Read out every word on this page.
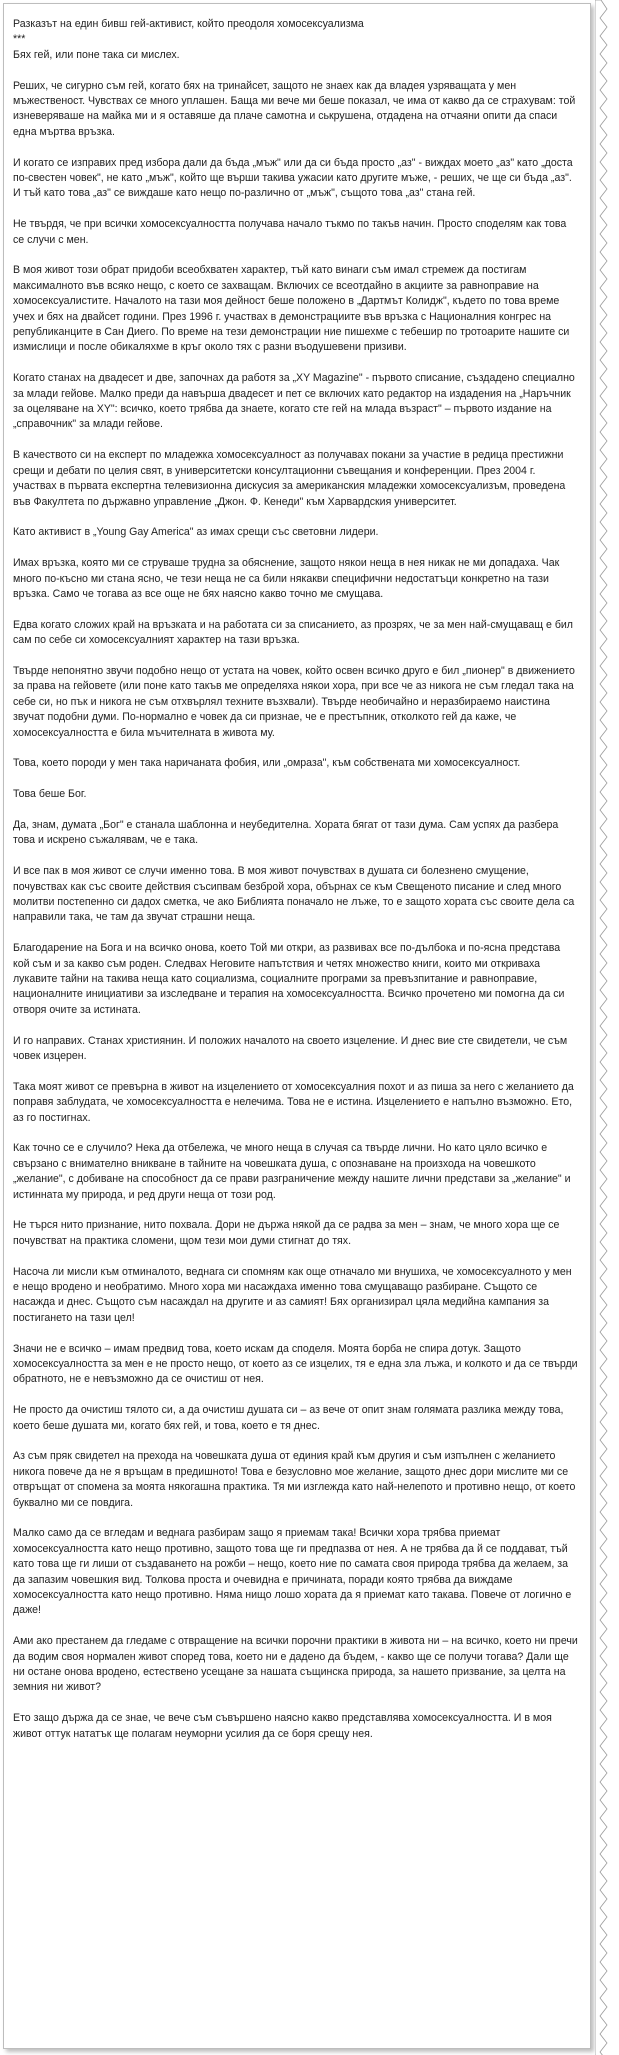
Разказът на един бивш гей-активист, който преодоля хомосексуализма

***

Бях гей, или поне така си мислех.

Реших, че сигурно съм гей, когато бях на тринайсет, защото не знаех как да владея узряващата у мен мъжественост. Чувствах се много уплашен. Баща ми вече ми беше показал, че има от какво да се страхувам: той изневеряваше на майка ми и я оставяше да плаче самотна и ськрушена, отдадена на отчаяни опити да спаси една мъртва връзка.

И когато се изправих пред избора дали да бъда „мъж" или да си бъда просто „аз" - виждах моето „аз" като „доста по-свестен човек", не като „мъж", който ще върши такива ужасии като другите мъже, - реших, че ще си бъда „аз". И тъй като това „аз" се виждаше като нещо по-различно от „мъж", същото това „аз" стана гей.

Не твърдя, че при всички хомосексуалността получава начало тъкмо по такъв начин. Просто споделям как това се случи с мен.

В моя живот този обрат придоби всеобхватен характер, тъй като винаги съм имал стремеж да постигам максималното във всяко нещо, с което се захващам. Включих се всеотдайно в акциите за равноправие на хомосексуалистите. Началото на тази моя дейност беше положено в „Дартмът Колидж", където по това време учех и бях на двайсет години. През 1996 г. участвах в демонстрациите във връзка с Националния конгрес на републиканците в Сан Диего. По време на тези демонстрации ние пишехме с тебешир по тротоарите нашите си измислици и после обикаляхме в кръг около тях с разни въодушевени призиви.

Когато станах на двадесет и две, започнах да работя за „XY Magazine" - първото списание, създадено специално за млади гейове. Малко преди да навърша двадесет и пет се включих като редактор на издадения на „Наръчник за оцеляване на XY": всичко, което трябва да знаете, когато сте гей на млада възраст" – първото издание на „справочник" за млади гейове.

В качеството си на експерт по младежка хомосексуалност аз получавах покани за участие в редица престижни срещи и дебати по целия свят, в университетски консултационни съвещания и конференции. През 2004 г. участвах в първата експертна телевизионна дискусия за американския младежки хомосексуализъм, проведена във Факултета по държавно управление „Джон. Ф. Кенеди" към Харвардския университет.

Като активист в „Young Gay America" аз имах срещи със световни лидери.

Имах връзка, която ми се струваше трудна за обяснение, защото някои неща в нея никак не ми допадаха. Чак много по-късно ми стана ясно, че тези неща не са били някакви специфични недостатъци конкретно на тази връзка. Само че тогава аз все още не бях наясно какво точно ме смущава.

Едва когато сложих край на връзката и на работата си за списанието, аз прозрях, че за мен най-смущаващ е бил сам по себе си хомосексуалният характер на тази връзка.

Твърде непонятно звучи подобно нещо от устата на човек, който освен всичко друго е бил „пионер" в движението за права на гейовете (или поне като такъв ме определяха някои хора, при все че аз никога не съм гледал така на себе си, но пък и никога не съм отхвърлял техните възхвали). Твърде необичайно и неразбираемо наистина звучат подобни думи. По-нормално е човек да си признае, че е престъпник, отколкото гей да каже, че хомосексуалността е била мъчителната в живота му.

Това, което породи у мен така наричаната фобия, или „омраза", към собствената ми хомосексуалност.

Това беше Бог.

Да, знам, думата „Бог" е станала шаблонна и неубедителна. Хората бягат от тази дума. Сам успях да разбера това и искрено съжалявам, че е така.

И все пак в моя живот се случи именно това. В моя живот почувствах в душата си болезнено смущение, почувствах как със своите действия съсипвам безброй хора, обърнах се към Свещеното писание и след много молитви постепенно си дадох сметка, че ако Библията поначало не лъже, то е защото хората със своите дела са направили така, че там да звучат страшни неща.

Благодарение на Бога и на всичко онова, което Той ми откри, аз развивах все по-дълбока и по-ясна представа кой съм и за какво съм роден. Следвах Неговите напътствия и четях множество книги, които ми откриваха лукавите тайни на такива неща като социализма, социалните програми за превъзпитание и равноправие, националните инициативи за изследване и терапия на хомосексуалността. Всичко прочетено ми помогна да си отворя очите за истината.

И го направих. Станах християнин. И положих началото на своето изцеление. И днес вие сте свидетели, че съм човек изцерен.

Така моят живот се превърна в живот на изцелението от хомосексуалния похот и аз пиша за него с желанието да поправя заблудата, че хомосексуалността е нелечима. Това не е истина. Изцелението е напълно възможно. Ето, аз го постигнах.

Как точно се е случило? Нека да отбележа, че много неща в случая са твърде лични. Но като цяло всичко е свързано с внимателно вникване в тайните на човешката душа, с опознаване на произхода на човешкото „желание", с добиване на способност да се прави разграничение между нашите лични представи за „желание" и истинната му природа, и ред други неща от този род.

Не търся нито признание, нито похвала. Дори не държа някой да се радва за мен – знам, че много хора ще се почувстват на практика сломени, щом тези мои думи стигнат до тях.

Насочa ли мисли към отминалото, веднага си спомням как още отначало ми внушиха, че хомосексуалното у мен е нещо вродено и необратимо. Много хора ми насаждаха именно това смущаващо разбиране. Същото се насажда и днес. Същото съм насаждал на другите и аз самият! Бях организирал цяла медийна кампания за постигането на тази цел!

Значи не е всичко – имам предвид това, което искам да споделя. Моята борба не спира дотук. Защото хомосексуалността за мен е не просто нещо, от което аз се изцелих, тя е една зла лъжа, и колкото и да се твърди обратното, не е невъзможно да се очистиш от нея.

Не просто да очистиш тялото си, а да очистиш душата си – аз вече от опит знам голямата разлика между това, което беше душата ми, когато бях гей, и това, което е тя днес.

Аз съм пряк свидетел на прехода на човешката душа от единия край към другия и съм изпълнен с желанието никога повече да не я връщам в предишното! Това е безусловно мое желание, защото днес дори мислите ми се отвръщат от спомена за моята някогашна практика. Тя ми изглежда като най-нелепото и противно нещо, от което буквално ми се повдига.

Малко само да се вгледам и веднага разбирам защо я приемам така! Всички хора трябва приемат хомосексуалността като нещо противно, защото това ще ги предпазва от нея. А не трябва да й се поддават, тъй като това ще ги лиши от създаването на рожби – нещо, което ние по самата своя природа трябва да желаем, за да запазим човешкия вид. Толкова проста и очевидна е причината, поради която трябва да виждаме хомосексуалността като нещо противно. Няма нищо лошо хората да я приемат като такава. Повече от логично е даже!

Ами ако престанем да гледаме с отвращение на всички порочни практики в живота ни – на всичко, което ни пречи да водим своя нормален живот според това, което ни е дадено да бъдем, - какво ще се получи тогава? Дали ще ни остане онова вродено, естествено усещане за нашата същинска природа, за нашето призвание, за целта на земния ни живот?

Ето защо държа да се знае, че вече съм съвършено наясно какво представлява хомосексуалността. И в моя живот оттук нататък ще полагам неуморни усилия да се боря срещу нея.
